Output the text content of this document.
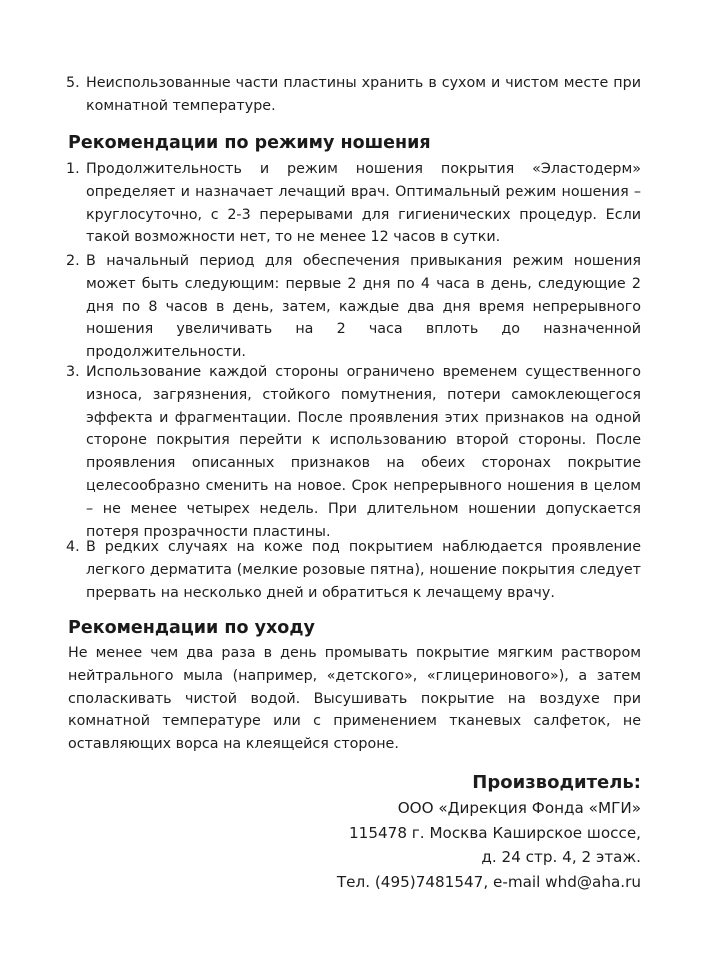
5. Неиспользованные части пластины хранить в сухом и чистом месте при комнатной температуре.
Рекомендации по режиму ношения
1. Продолжительность и режим ношения покрытия «Эластодерм» определяет и назначает лечащий врач. Оптимальный режим ношения – круглосуточно, с 2-3 перерывами для гигиенических процедур. Если такой возможности нет, то не менее 12 часов в сутки.
2. В начальный период для обеспечения привыкания режим ношения может быть следующим: первые 2 дня по 4 часа в день, следующие 2 дня по 8 часов в день, затем, каждые два дня время непрерывного ношения увеличивать на 2 часа вплоть до назначенной продолжительности.
3. Использование каждой стороны ограничено временем существенного износа, загрязнения, стойкого помутнения, потери самоклеющегося эффекта и фрагментации. После проявления этих признаков на одной стороне покрытия перейти к использованию второй стороны. После проявления описанных признаков на обеих сторонах покрытие целесообразно сменить на новое. Срок непрерывного ношения в целом – не менее четырех недель. При длительном ношении допускается потеря прозрачности пластины.
4. В редких случаях на коже под покрытием наблюдается проявление легкого дерматита (мелкие розовые пятна), ношение покрытия следует прервать на несколько дней и обратиться к лечащему врачу.
Рекомендации по уходу
Не менее чем два раза в день промывать покрытие мягким раствором нейтрального мыла (например, «детского», «глицеринового»), а затем споласкивать чистой водой. Высушивать покрытие на воздухе при комнатной температуре или с применением тканевых салфеток, не оставляющих ворса на клеящейся стороне.
Производитель:
ООО «Дирекция Фонда «МГИ»
115478 г. Москва Каширское шоссе,
д. 24 стр. 4, 2 этаж.
Тел. (495)7481547, e-mail whd@aha.ru
